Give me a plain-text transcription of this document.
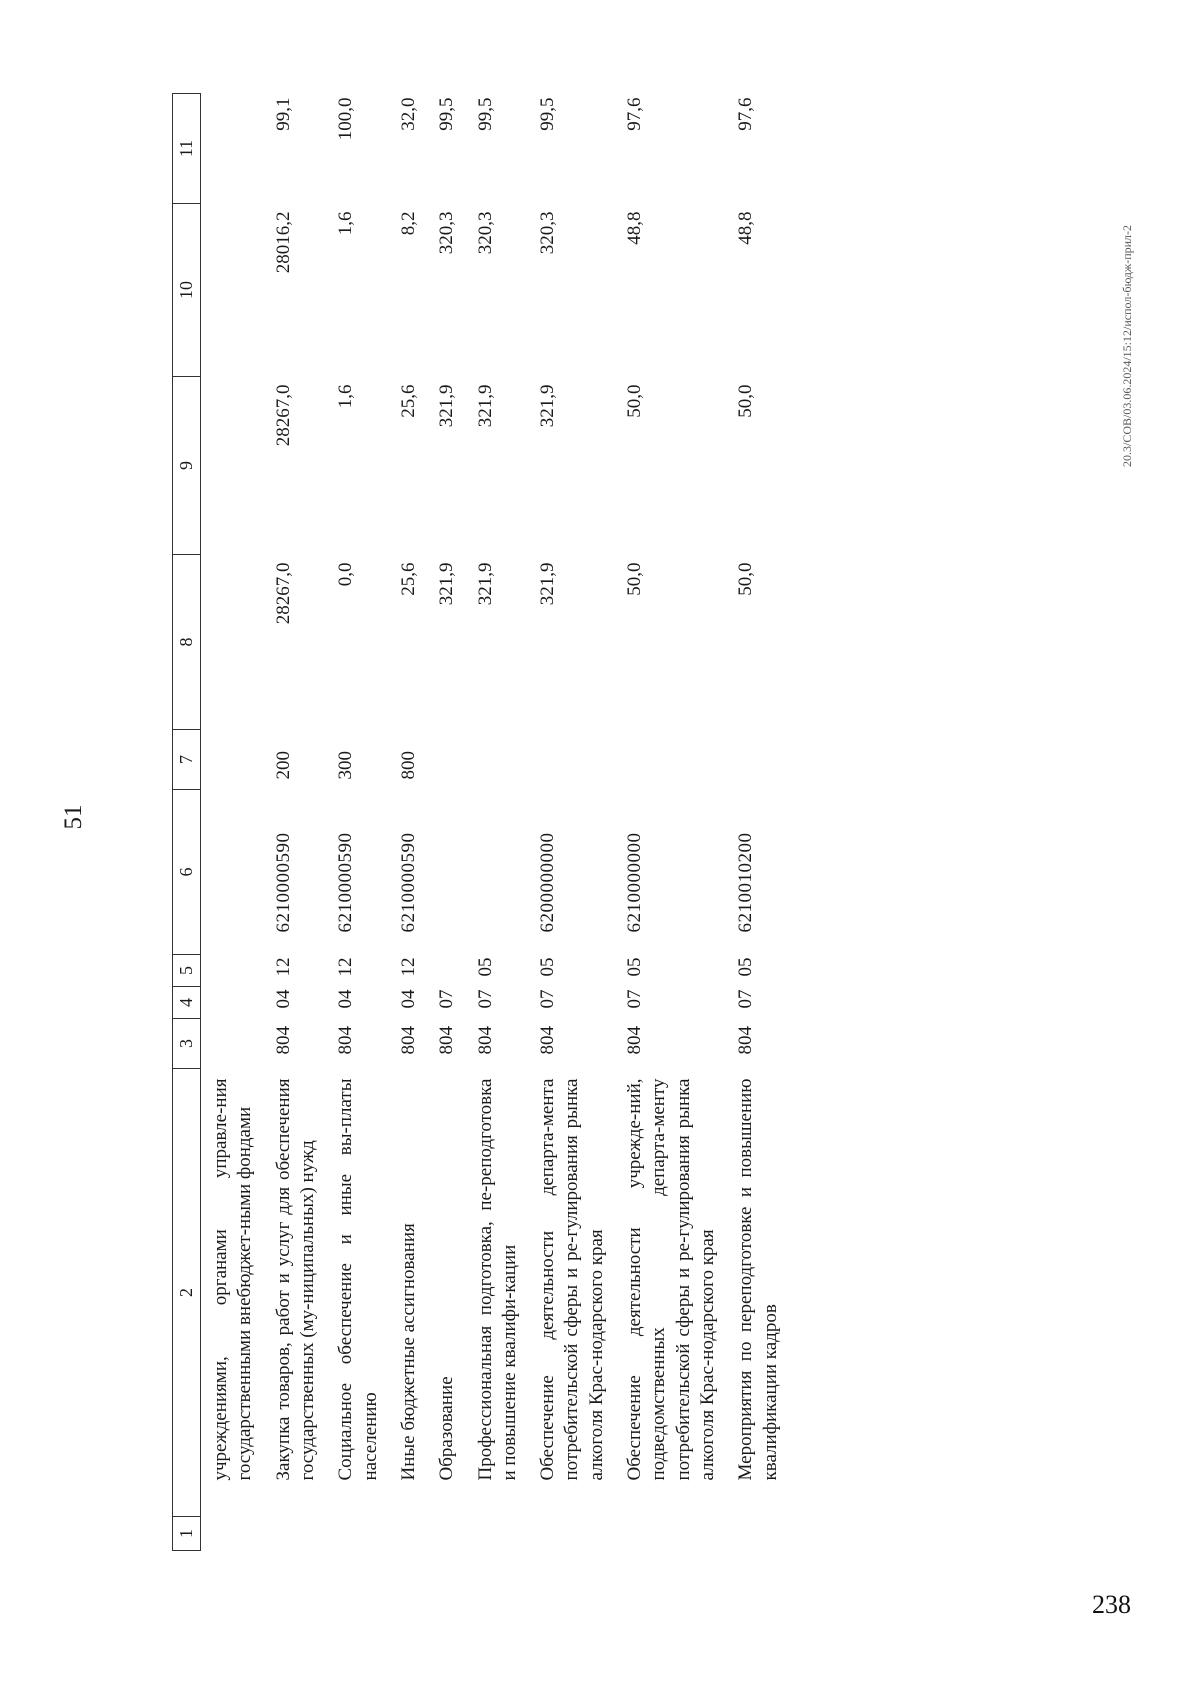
51
1	2	3	4	5	6	7	8	9	10	11
	учреждениями, органами управле-ния государственными внебюджет-ными фондами									
	Закупка товаров, работ и услуг для обеспечения государственных (му-ниципальных) нужд	804	04	12	6210000590	200	28267,0	28267,0	28016,2	99,1
	Социальное обеспечение и иные вы-платы населению	804	04	12	6210000590	300	0,0	1,6	1,6	100,0
	Иные бюджетные ассигнования	804	04	12	6210000590	800	25,6	25,6	8,2	32,0
	Образование	804	07				321,9	321,9	320,3	99,5
	Профессиональная подготовка, пе-реподготовка и повышение квалифи-кации	804	07	05			321,9	321,9	320,3	99,5
	Обеспечение деятельности департа-мента потребительской сферы и ре-гулирования рынка алкоголя Крас-нодарского края	804	07	05	6200000000		321,9	321,9	320,3	99,5
	Обеспечение деятельности учрежде-ний, подведомственных департа-менту потребительской сферы и ре-гулирования рынка алкоголя Крас-нодарского края	804	07	05	6210000000		50,0	50,0	48,8	97,6
	Мероприятия по переподготовке и повышению квалификации кадров	804	07	05	6210010200		50,0	50,0	48,8	97,6
20.3/СОВ/03.06.2024/15:12/испол-бюдж-прил-2
238
